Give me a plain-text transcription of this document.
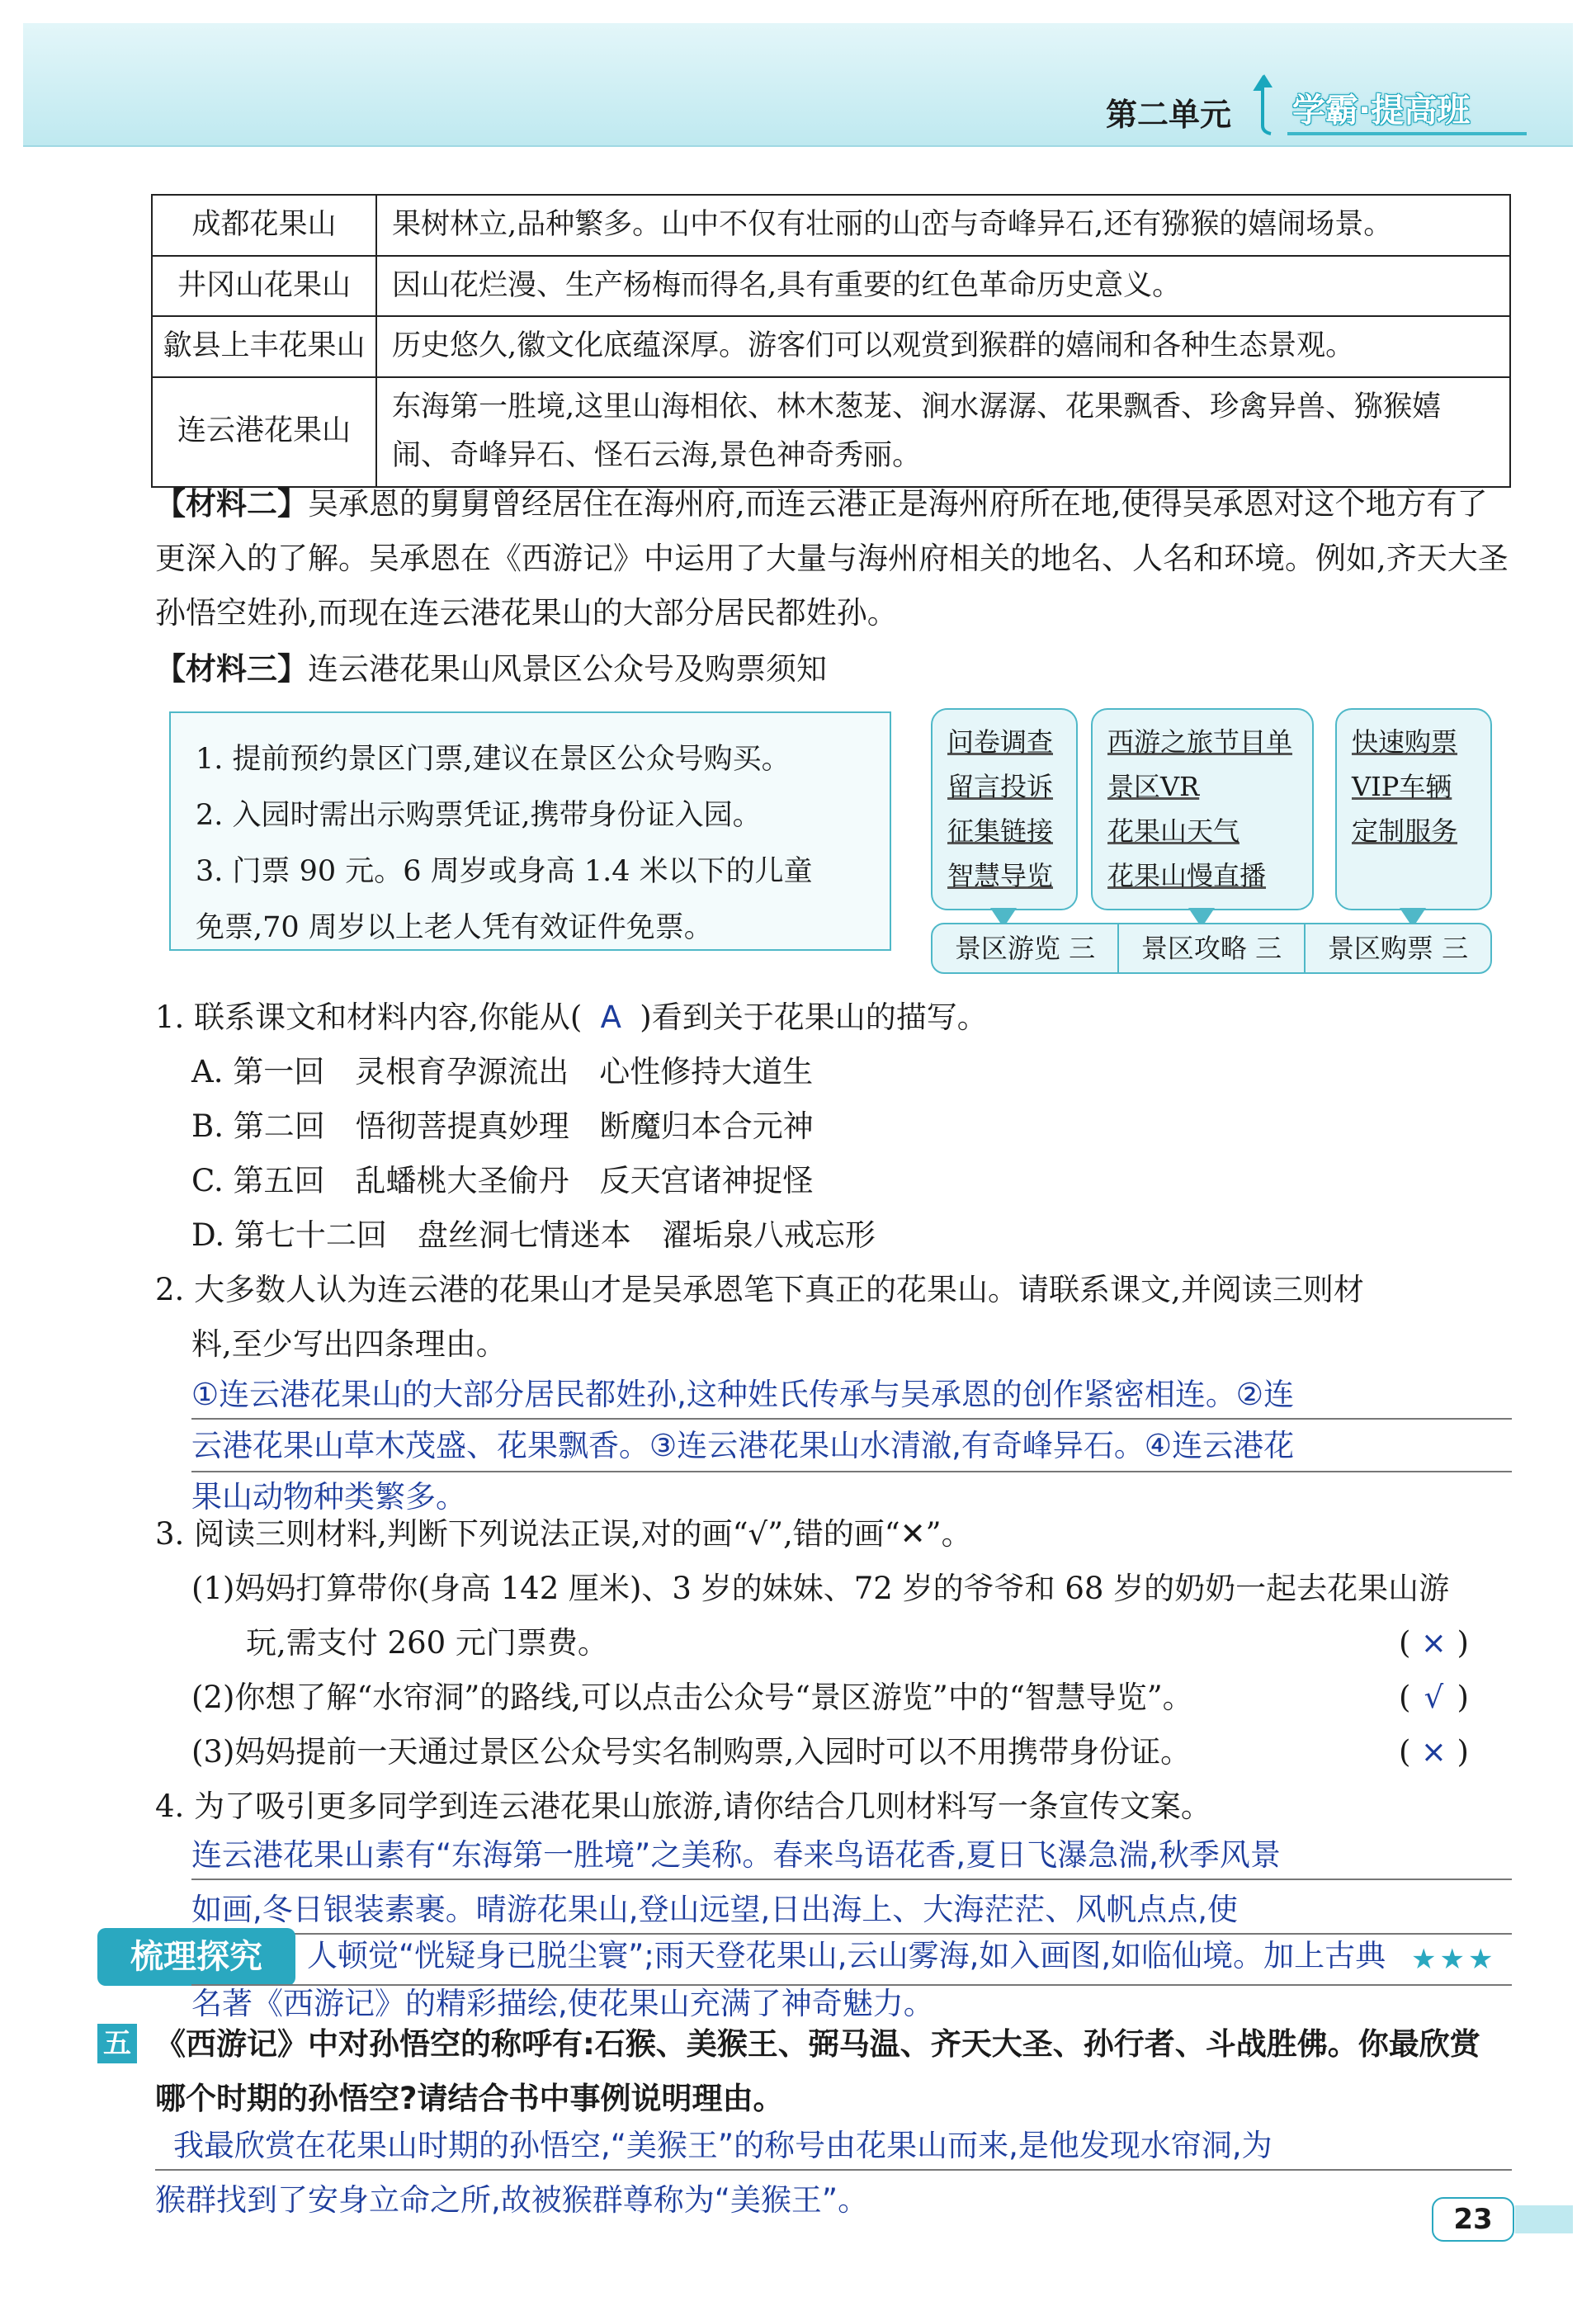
第二单元 学霸·提高班
成都花果山	果树林立,品种繁多。山中不仅有壮丽的山峦与奇峰异石,还有猕猴的嬉闹场景。
井冈山花果山	因山花烂漫、生产杨梅而得名,具有重要的红色革命历史意义。
歙县上丰花果山	历史悠久,徽文化底蕴深厚。游客们可以观赏到猴群的嬉闹和各种生态景观。
连云港花果山	东海第一胜境,这里山海相依、林木葱茏、涧水潺潺、花果飘香、珍禽异兽、猕猴嬉闹、奇峰异石、怪石云海,景色神奇秀丽。
【材料二】吴承恩的舅舅曾经居住在海州府,而连云港正是海州府所在地,使得吴承恩对这个地方有了更深入的了解。吴承恩在《西游记》中运用了大量与海州府相关的地名、人名和环境。例如,齐天大圣孙悟空姓孙,而现在连云港花果山的大部分居民都姓孙。
【材料三】连云港花果山风景区公众号及购票须知
1. 提前预约景区门票,建议在景区公众号购买。
2. 入园时需出示购票凭证,携带身份证入园。
3. 门票 90 元。6 周岁或身高 1.4 米以下的儿童
免票,70 周岁以上老人凭有效证件免票。
问卷调查
留言投诉
征集链接
智慧导览
西游之旅节目单
景区VR
花果山天气
花果山慢直播
快速购票
VIP车辆
定制服务
景区游览 三	景区攻略 三	景区购票 三
1. 联系课文和材料内容,你能从( A )看到关于花果山的描写。
A. 第一回　灵根育孕源流出　心性修持大道生
B. 第二回　悟彻菩提真妙理　断魔归本合元神
C. 第五回　乱蟠桃大圣偷丹　反天宫诸神捉怪
D. 第七十二回　盘丝洞七情迷本　濯垢泉八戒忘形
2. 大多数人认为连云港的花果山才是吴承恩笔下真正的花果山。请联系课文,并阅读三则材
料,至少写出四条理由。
①连云港花果山的大部分居民都姓孙,这种姓氏传承与吴承恩的创作紧密相连。②连
云港花果山草木茂盛、花果飘香。③连云港花果山水清澈,有奇峰异石。④连云港花
果山动物种类繁多。
3. 阅读三则材料,判断下列说法正误,对的画“√”,错的画“✕”。
(1)妈妈打算带你(身高 142 厘米)、3 岁的妹妹、72 岁的爷爷和 68 岁的奶奶一起去花果山游
玩,需支付 260 元门票费。	( × )
(2)你想了解“水帘洞”的路线,可以点击公众号“景区游览”中的“智慧导览”。	( √ )
(3)妈妈提前一天通过景区公众号实名制购票,入园时可以不用携带身份证。	( × )
4. 为了吸引更多同学到连云港花果山旅游,请你结合几则材料写一条宣传文案。
连云港花果山素有“东海第一胜境”之美称。春来鸟语花香,夏日飞瀑急湍,秋季风景
如画,冬日银装素裹。晴游花果山,登山远望,日出海上、大海茫茫、风帆点点,使
梳理探究	★★★
人顿觉“恍疑身已脱尘寰”;雨天登花果山,云山雾海,如入画图,如临仙境。加上古典
名著《西游记》的精彩描绘,使花果山充满了神奇魅力。
五 《西游记》中对孙悟空的称呼有:石猴、美猴王、弼马温、齐天大圣、孙行者、斗战胜佛。你最欣赏
哪个时期的孙悟空?请结合书中事例说明理由。
我最欣赏在花果山时期的孙悟空,“美猴王”的称号由花果山而来,是他发现水帘洞,为
猴群找到了安身立命之所,故被猴群尊称为“美猴王”。
23
